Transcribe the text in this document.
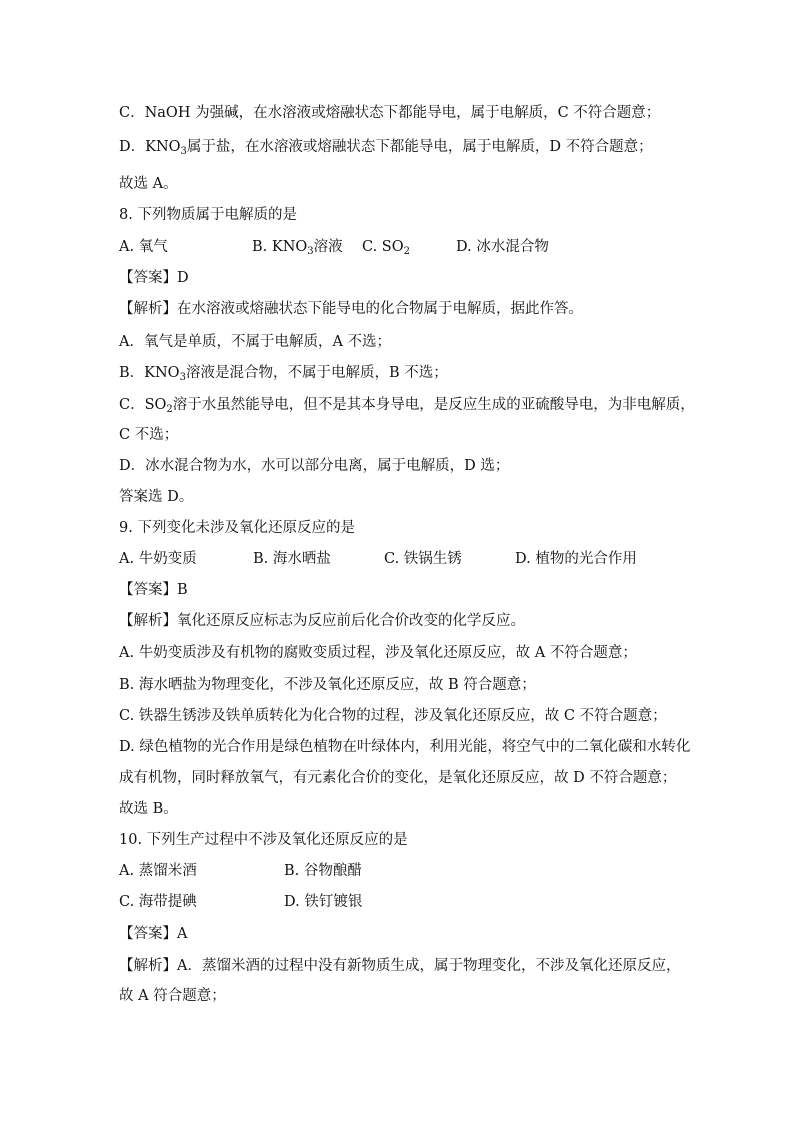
C．NaOH 为强碱，在水溶液或熔融状态下都能导电，属于电解质，C 不符合题意；
D．$KNO_3$属于盐，在水溶液或熔融状态下都能导电，属于电解质，D 不符合题意；
故选 A。
8. 下列物质属于电解质的是
A. 氧气	B. $KNO_3$溶液 C. $SO_2$	D. 冰水混合物
【答案】D
【解析】在水溶液或熔融状态下能导电的化合物属于电解质，据此作答。
A．氧气是单质，不属于电解质，A 不选；
B．$KNO_3$溶液是混合物，不属于电解质，B 不选；
C．$SO_2$溶于水虽然能导电，但不是其本身导电，是反应生成的亚硫酸导电，为非电解质，
C 不选；
D．冰水混合物为水，水可以部分电离，属于电解质，D 选；
答案选 D。
9. 下列变化未涉及氧化还原反应的是
A. 牛奶变质	B. 海水晒盐	C. 铁锅生锈	D. 植物的光合作用
【答案】B
【解析】氧化还原反应标志为反应前后化合价改变的化学反应。
A. 牛奶变质涉及有机物的腐败变质过程，涉及氧化还原反应，故 A 不符合题意；
B. 海水晒盐为物理变化，不涉及氧化还原反应，故 B 符合题意；
C. 铁器生锈涉及铁单质转化为化合物的过程，涉及氧化还原反应，故 C 不符合题意；
D. 绿色植物的光合作用是绿色植物在叶绿体内，利用光能，将空气中的二氧化碳和水转化
成有机物，同时释放氧气，有元素化合价的变化，是氧化还原反应，故 D 不符合题意；
故选 B。
10. 下列生产过程中不涉及氧化还原反应的是
A. 蒸馏米酒	B. 谷物酿醋
C. 海带提碘	D. 铁钉镀银
【答案】A
【解析】A．蒸馏米酒的过程中没有新物质生成，属于物理变化，不涉及氧化还原反应，
故 A 符合题意；
